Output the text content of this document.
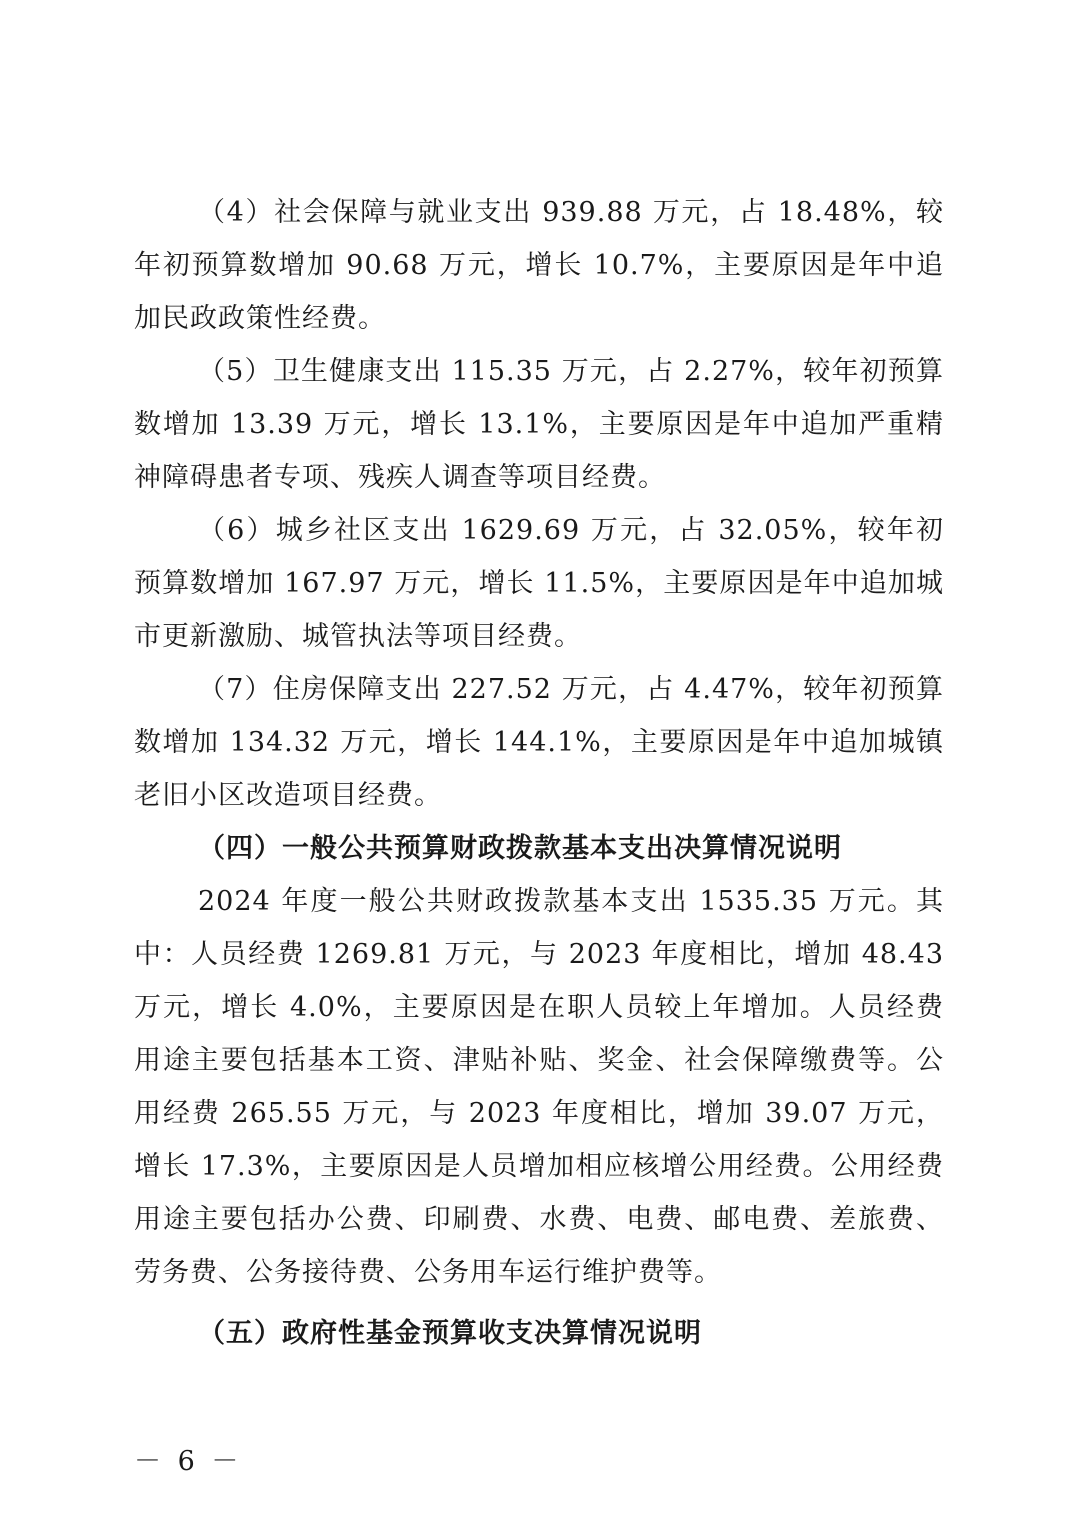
（4）社会保障与就业支出 939.88 万元，占 18.48%，较年初预算数增加 90.68 万元，增长 10.7%，主要原因是年中追加民政政策性经费。

（5）卫生健康支出 115.35 万元，占 2.27%，较年初预算数增加 13.39 万元，增长 13.1%，主要原因是年中追加严重精神障碍患者专项、残疾人调查等项目经费。

（6）城乡社区支出 1629.69 万元，占 32.05%，较年初预算数增加 167.97 万元，增长 11.5%，主要原因是年中追加城市更新激励、城管执法等项目经费。

（7）住房保障支出 227.52 万元，占 4.47%，较年初预算数增加 134.32 万元，增长 144.1%，主要原因是年中追加城镇老旧小区改造项目经费。

（四）一般公共预算财政拨款基本支出决算情况说明

2024 年度一般公共财政拨款基本支出 1535.35 万元。其中：人员经费 1269.81 万元，与 2023 年度相比，增加 48.43 万元，增长 4.0%，主要原因是在职人员较上年增加。人员经费用途主要包括基本工资、津贴补贴、奖金、社会保障缴费等。公用经费 265.55 万元，与 2023 年度相比，增加 39.07 万元，增长 17.3%，主要原因是人员增加相应核增公用经费。公用经费用途主要包括办公费、印刷费、水费、电费、邮电费、差旅费、劳务费、公务接待费、公务用车运行维护费等。

（五）政府性基金预算收支决算情况说明

－ 6 －
